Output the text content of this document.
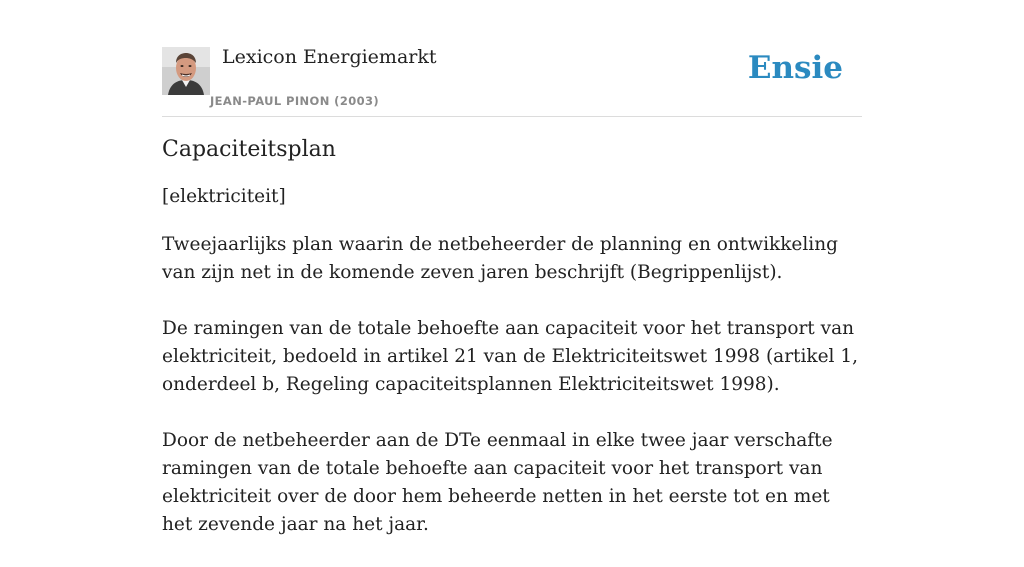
Lexicon Energiemarkt
JEAN-PAUL PINON (2003)
Ensie
Capaciteitsplan
[elektriciteit]

Tweejaarlijks plan waarin de netbeheerder de planning en ontwikkeling van zijn net in de komende zeven jaren beschrijft (Begrippenlijst).

De ramingen van de totale behoefte aan capaciteit voor het transport van elektriciteit, bedoeld in artikel 21 van de Elektriciteitswet 1998 (artikel 1, onderdeel b, Regeling capaciteitsplannen Elektriciteitswet 1998).

Door de netbeheerder aan de DTe eenmaal in elke twee jaar verschafte ramingen van de totale behoefte aan capaciteit voor het transport van elektriciteit over de door hem beheerde netten in het eerste tot en met het zevende jaar na het jaar.
